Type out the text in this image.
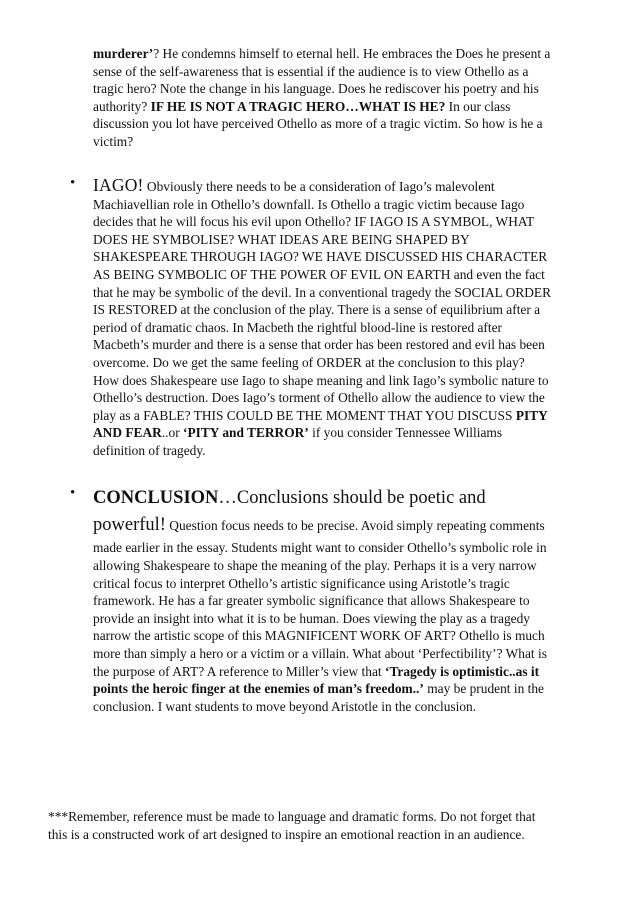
murderer’? He condemns himself to eternal hell. He embraces the Does he present a sense of the self-awareness that is essential if the audience is to view Othello as a tragic hero? Note the change in his language. Does he rediscover his poetry and his authority? IF HE IS NOT A TRAGIC HERO…WHAT IS HE? In our class discussion you lot have perceived Othello as more of a tragic victim. So how is he a victim?

• IAGO! Obviously there needs to be a consideration of Iago’s malevolent Machiavellian role in Othello’s downfall. Is Othello a tragic victim because Iago decides that he will focus his evil upon Othello? IF IAGO IS A SYMBOL, WHAT DOES HE SYMBOLISE? WHAT IDEAS ARE BEING SHAPED BY SHAKESPEARE THROUGH IAGO? WE HAVE DISCUSSED HIS CHARACTER AS BEING SYMBOLIC OF THE POWER OF EVIL ON EARTH and even the fact that he may be symbolic of the devil. In a conventional tragedy the SOCIAL ORDER IS RESTORED at the conclusion of the play. There is a sense of equilibrium after a period of dramatic chaos. In Macbeth the rightful blood-line is restored after Macbeth’s murder and there is a sense that order has been restored and evil has been overcome. Do we get the same feeling of ORDER at the conclusion to this play? How does Shakespeare use Iago to shape meaning and link Iago’s symbolic nature to Othello’s destruction. Does Iago’s torment of Othello allow the audience to view the play as a FABLE? THIS COULD BE THE MOMENT THAT YOU DISCUSS PITY AND FEAR..or ‘PITY and TERROR’ if you consider Tennessee Williams definition of tragedy.
• CONCLUSION…Conclusions should be poetic and powerful! Question focus needs to be precise. Avoid simply repeating comments made earlier in the essay. Students might want to consider Othello’s symbolic role in allowing Shakespeare to shape the meaning of the play. Perhaps it is a very narrow critical focus to interpret Othello’s artistic significance using Aristotle’s tragic framework. He has a far greater symbolic significance that allows Shakespeare to provide an insight into what it is to be human. Does viewing the play as a tragedy narrow the artistic scope of this MAGNIFICENT WORK OF ART? Othello is much more than simply a hero or a victim or a villain. What about ‘Perfectibility’? What is the purpose of ART? A reference to Miller’s view that ‘Tragedy is optimistic..as it points the heroic finger at the enemies of man’s freedom..’ may be prudent in the conclusion. I want students to move beyond Aristotle in the conclusion.

***Remember, reference must be made to language and dramatic forms. Do not forget that this is a constructed work of art designed to inspire an emotional reaction in an audience.
